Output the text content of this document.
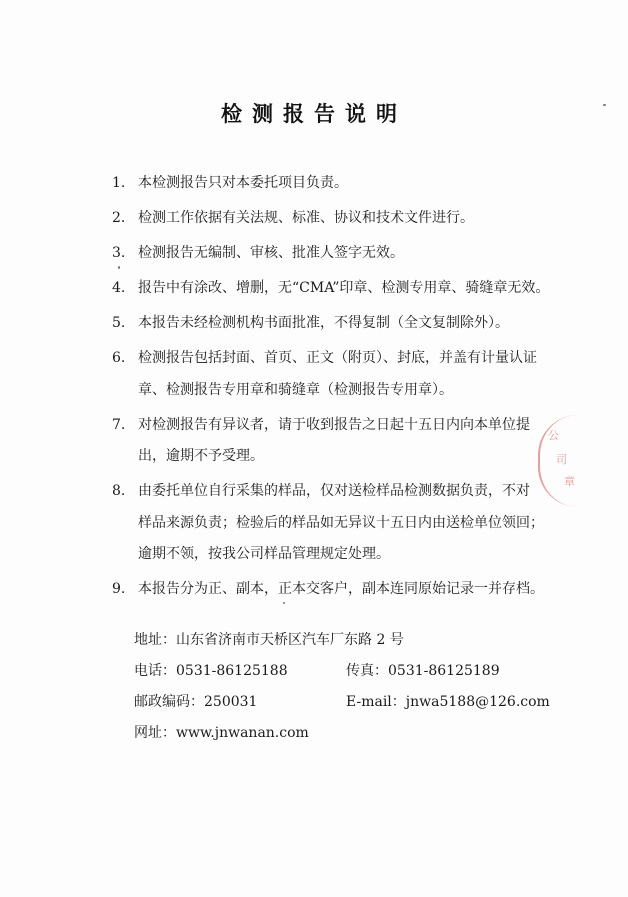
检测报告说明
1. 本检测报告只对本委托项目负责。
2. 检测工作依据有关法规、标准、协议和技术文件进行。
3. 检测报告无编制、审核、批准人签字无效。
4. 报告中有涂改、增删，无“CMA”印章、检测专用章、骑缝章无效。
5. 本报告未经检测机构书面批准，不得复制（全文复制除外）。
6. 检测报告包括封面、首页、正文（附页）、封底，并盖有计量认证
章、检测报告专用章和骑缝章（检测报告专用章）。
7. 对检测报告有异议者，请于收到报告之日起十五日内向本单位提
出，逾期不予受理。
8. 由委托单位自行采集的样品，仅对送检样品检测数据负责，不对
样品来源负责；检验后的样品如无异议十五日内由送检单位领回；
逾期不领，按我公司样品管理规定处理。
9. 本报告分为正、副本，正本交客户，副本连同原始记录一并存档。
地址：山东省济南市天桥区汽车厂东路 2 号
电话：0531-86125188	传真：0531-86125189
邮政编码：250031	E-mail：jnwa5188@126.com
网址：www.jnwanan.com
公
司
章
